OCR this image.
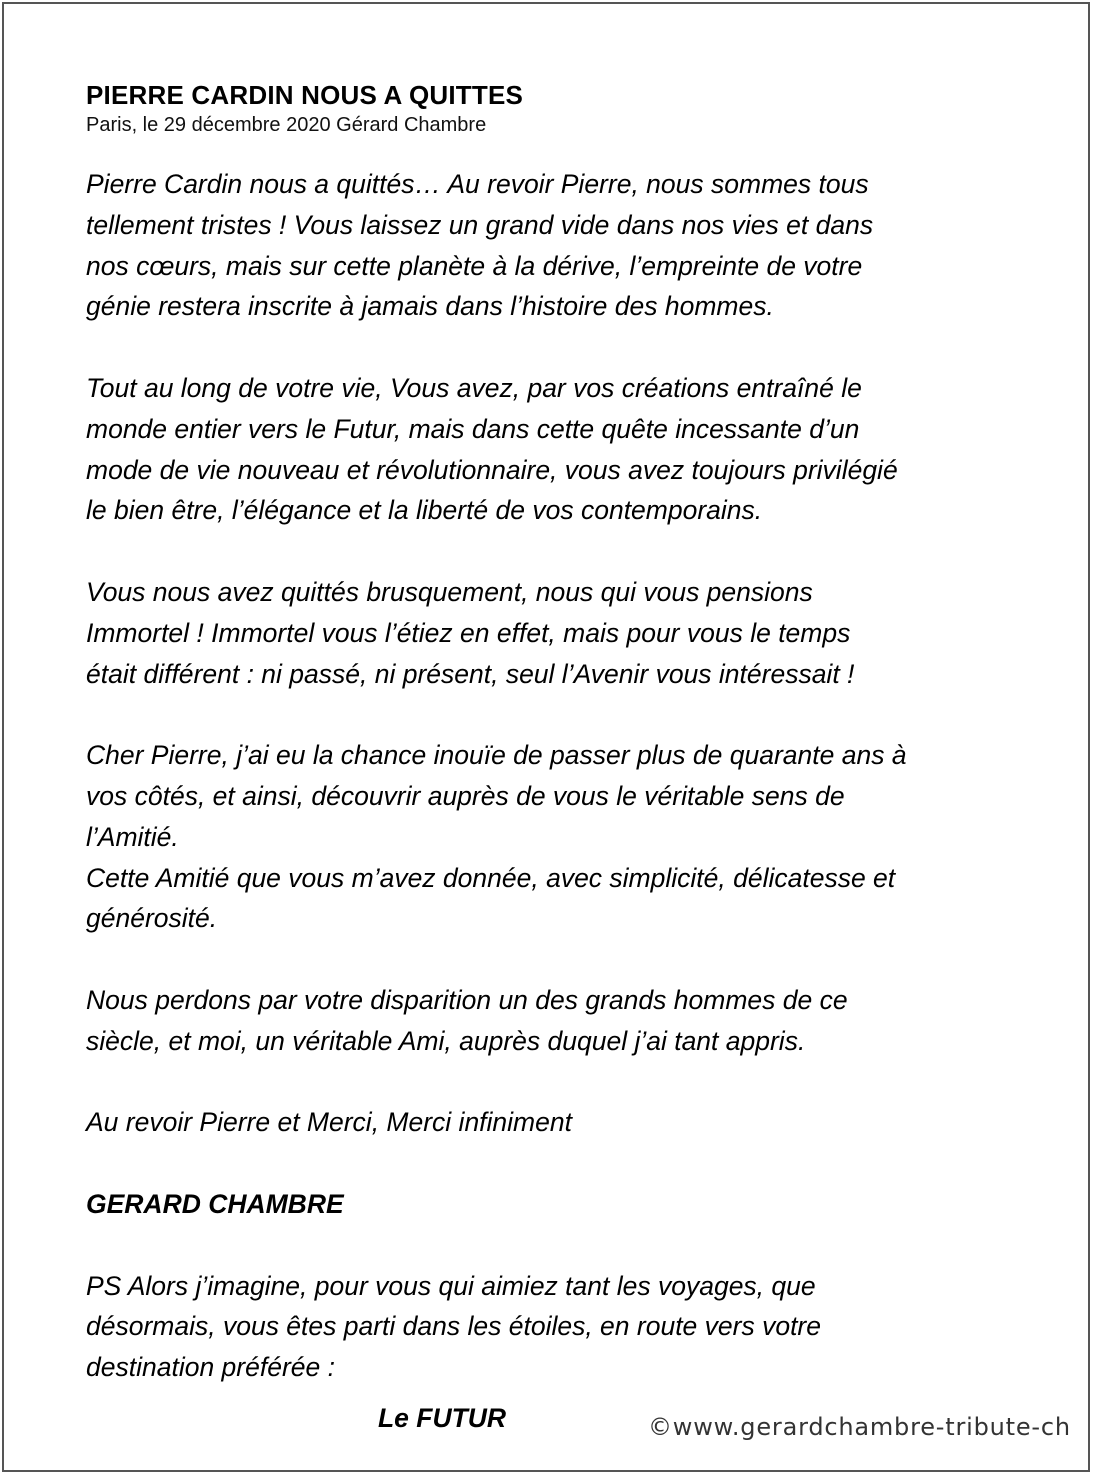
PIERRE CARDIN NOUS A QUITTES

Paris, le 29 décembre 2020 Gérard Chambre

Pierre Cardin nous a quittés… Au revoir Pierre, nous sommes tous
tellement tristes ! Vous laissez un grand vide dans nos vies et dans
nos cœurs, mais sur cette planète à la dérive, l’empreinte de votre
génie restera inscrite à jamais dans l’histoire des hommes.
Tout au long de votre vie, Vous avez, par vos créations entraîné le
monde entier vers le Futur, mais dans cette quête incessante d’un
mode de vie nouveau et révolutionnaire, vous avez toujours privilégié
le bien être, l’élégance et la liberté de vos contemporains.
Vous nous avez quittés brusquement, nous qui vous pensions
Immortel ! Immortel vous l’étiez en effet, mais pour vous le temps
était différent : ni passé, ni présent, seul l’Avenir vous intéressait !
Cher Pierre, j’ai eu la chance inouïe de passer plus de quarante ans à
vos côtés, et ainsi, découvrir auprès de vous le véritable sens de
l’Amitié.
Cette Amitié que vous m’avez donnée, avec simplicité, délicatesse et
générosité.
Nous perdons par votre disparition un des grands hommes de ce
siècle, et moi, un véritable Ami, auprès duquel j’ai tant appris.
Au revoir Pierre et Merci, Merci infiniment

GERARD CHAMBRE

PS Alors j’imagine, pour vous qui aimiez tant les voyages, que
désormais, vous êtes parti dans les étoiles, en route vers votre
destination préférée :
Le FUTUR	©www.gerardchambre-tribute-ch
